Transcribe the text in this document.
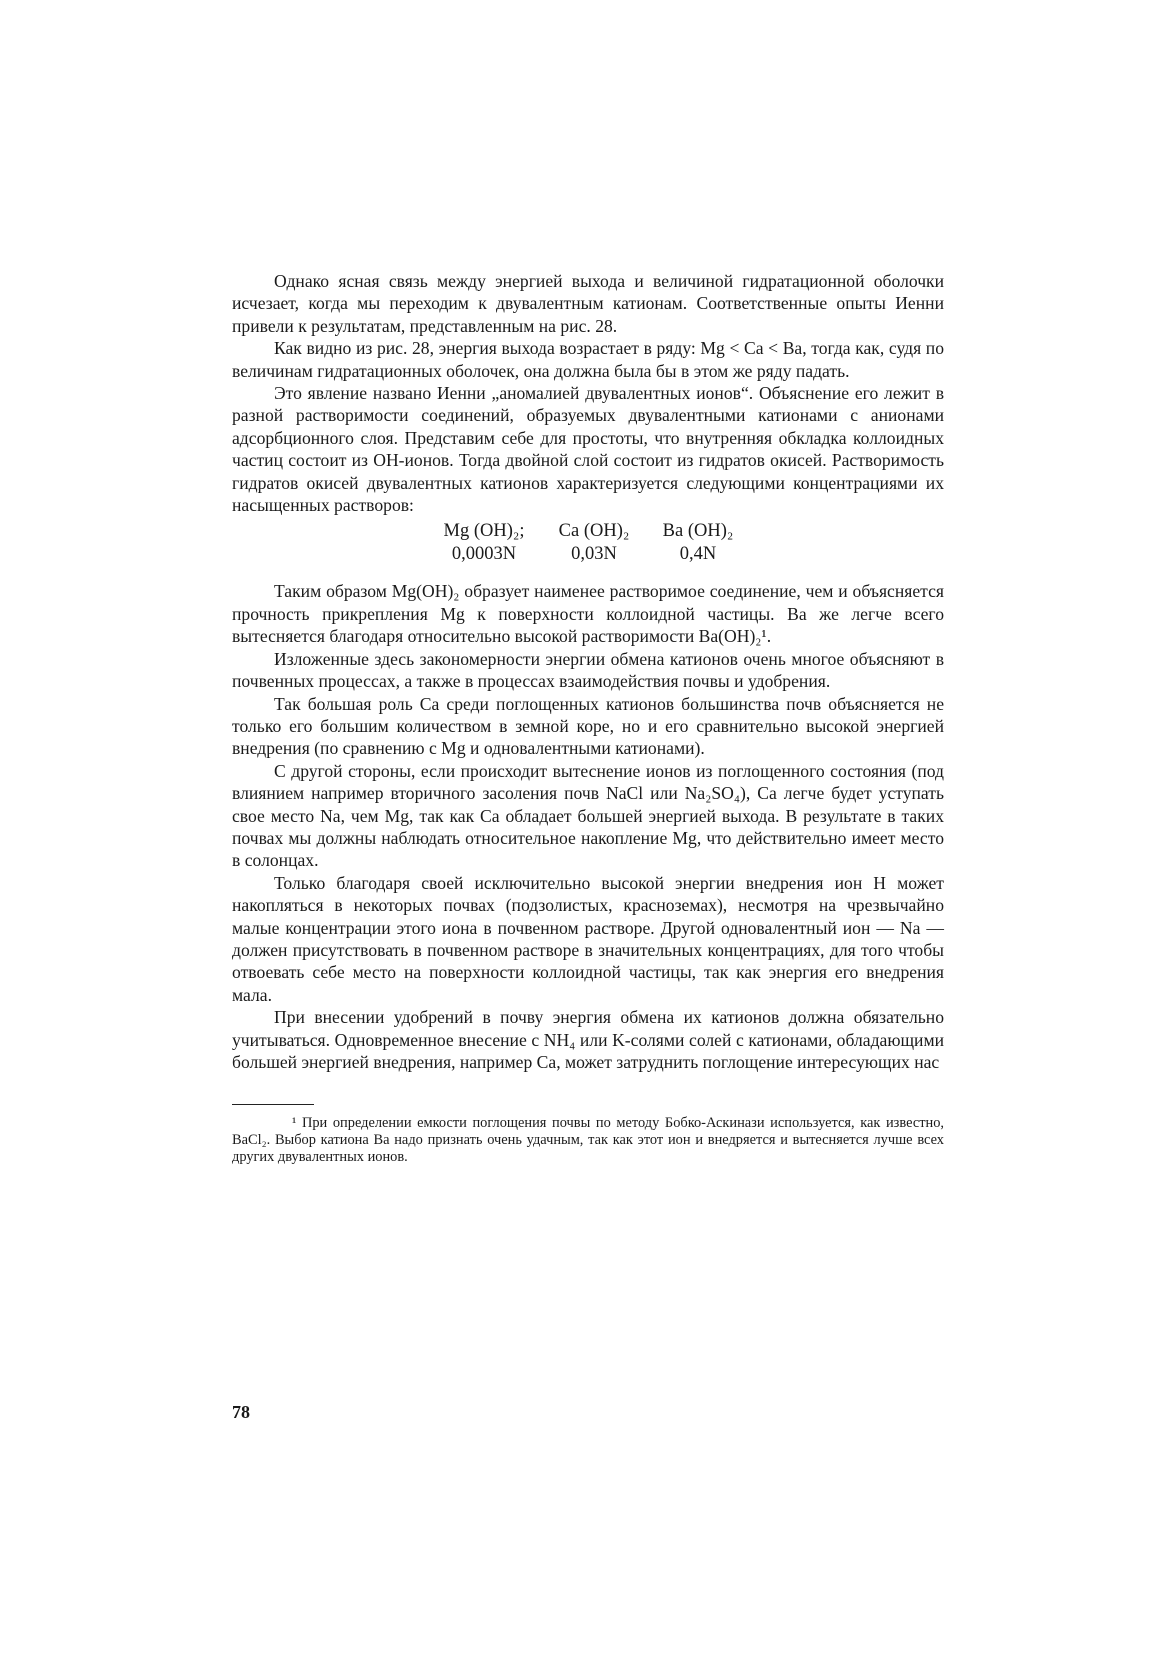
Однако ясная связь между энергией выхода и величиной гидратационной оболочки исчезает, когда мы переходим к двувалентным катионам. Соответственные опыты Иенни привели к результатам, представленным на рис. 28.

Как видно из рис. 28, энергия выхода возрастает в ряду: Mg < Ca < Ba, тогда как, судя по величинам гидратационных оболочек, она должна была бы в этом же ряду падать.

Это явление названо Иенни „аномалией двувалентных ионов“. Объяснение его лежит в разной растворимости соединений, образуемых двувалентными катионами с анионами адсорбционного слоя. Представим себе для простоты, что внутренняя обкладка коллоидных частиц состоит из OH-ионов. Тогда двойной слой состоит из гидратов окисей. Растворимость гидратов окисей двувалентных катионов характеризуется следующими концентрациями их насыщенных растворов:

Mg (OH)₂;	Ca (OH)₂	Ba (OH)₂
0,0003N	0,03N	0,4N

Таким образом Mg(OH)₂ образует наименее растворимое соединение, чем и объясняется прочность прикрепления Mg к поверхности коллоидной частицы. Ba же легче всего вытесняется благодаря относительно высокой растворимости Ba(OH)₂¹.

Изложенные здесь закономерности энергии обмена катионов очень многое объясняют в почвенных процессах, а также в процессах взаимодействия почвы и удобрения.

Так большая роль Ca среди поглощенных катионов большинства почв объясняется не только его большим количеством в земной коре, но и его сравнительно высокой энергией внедрения (по сравнению с Mg и одновалентными катионами).

С другой стороны, если происходит вытеснение ионов из поглощенного состояния (под влиянием например вторичного засоления почв NaCl или Na₂SO₄), Ca легче будет уступать свое место Na, чем Mg, так как Ca обладает большей энергией выхода. В результате в таких почвах мы должны наблюдать относительное накопление Mg, что действительно имеет место в солонцах.

Только благодаря своей исключительно высокой энергии внедрения ион H может накопляться в некоторых почвах (подзолистых, красноземах), несмотря на чрезвычайно малые концентрации этого иона в почвенном растворе. Другой одновалентный ион — Na — должен присутствовать в почвенном растворе в значительных концентрациях, для того чтобы отвоевать себе место на поверхности коллоидной частицы, так как энергия его внедрения мала.

При внесении удобрений в почву энергия обмена их катионов должна обязательно учитываться. Одновременное внесение с NH₄ или K-солями солей с катионами, обладающими большей энергией внедрения, например Ca, может затруднить поглощение интересующих нас

¹ При определении емкости поглощения почвы по методу Бобко-Аскинази используется, как известно, BaCl₂. Выбор катиона Ba надо признать очень удачным, так как этот ион и внедряется и вытесняется лучше всех других двувалентных ионов.

78
